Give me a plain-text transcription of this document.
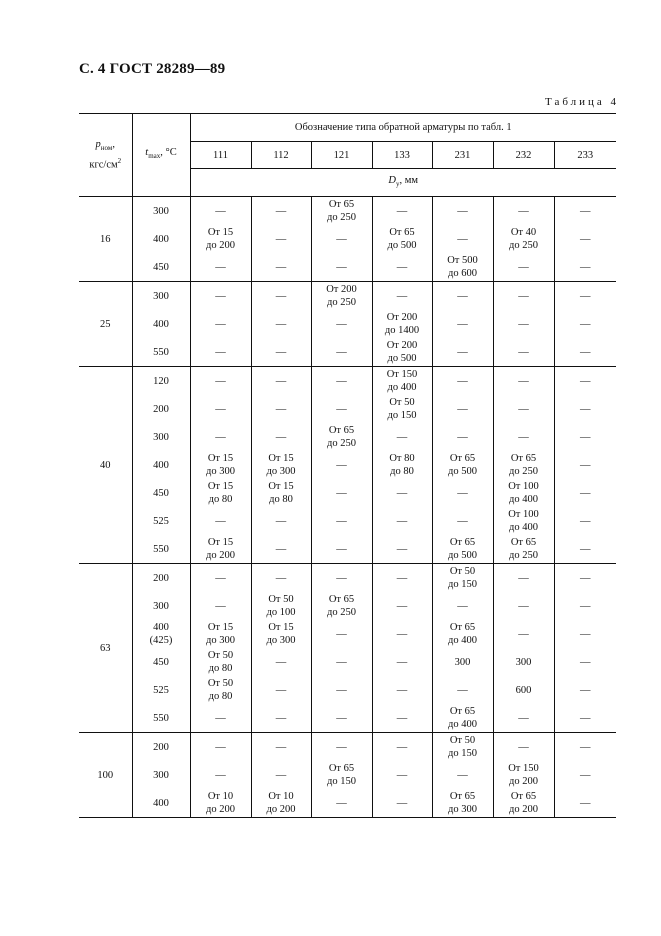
С. 4 ГОСТ 28289—89
Таблица 4
$p_{ном}$,
кгс/$см^2$	$t_{max}$, °C	Обозначение типа обратной арматуры по табл. 1						
		111	112	121	133	231	232	233
		$D_y$, мм						
16	300	—	—	От 65
до 250	—	—	—	—
	400	От 15
до 200	—	—	От 65
до 500	—	От 40
до 250	—
	450	—	—	—	—	От 500
до 600	—	—
25	300	—	—	От 200
до 250	—	—	—	—
	400	—	—	—	От 200
до 1400	—	—	—
	550	—	—	—	От 200
до 500	—	—	—
40	120	—	—	—	От 150
до 400	—	—	—
	200	—	—	—	От 50
до 150	—	—	—
	300	—	—	От 65
до 250	—	—	—	—
	400	От 15
до 300	От 15
до 300	—	От 80
до 80	От 65
до 500	От 65
до 250	—
	450	От 15
до 80	От 15
до 80	—	—	—	От 100
до 400	—
	525	—	—	—	—	—	От 100
до 400	—
	550	От 15
до 200	—	—	—	От 65
до 500	От 65
до 250	—
63	200	—	—	—	—	От 50
до 150	—	—
	300	—	От 50
до 100	От 65
до 250	—	—	—	—
	400
(425)	От 15
до 300	От 15
до 300	—	—	От 65
до 400	—	—
	450	От 50
до 80	—	—	—	300	300	—
	525	От 50
до 80	—	—	—	—	600	—
	550	—	—	—	—	От 65
до 400	—	—
100	200	—	—	—	—	От 50
до 150	—	—
	300	—	—	От 65
до 150	—	—	От 150
до 200	—
	400	От 10
до 200	От 10
до 200	—	—	От 65
до 300	От 65
до 200	—
